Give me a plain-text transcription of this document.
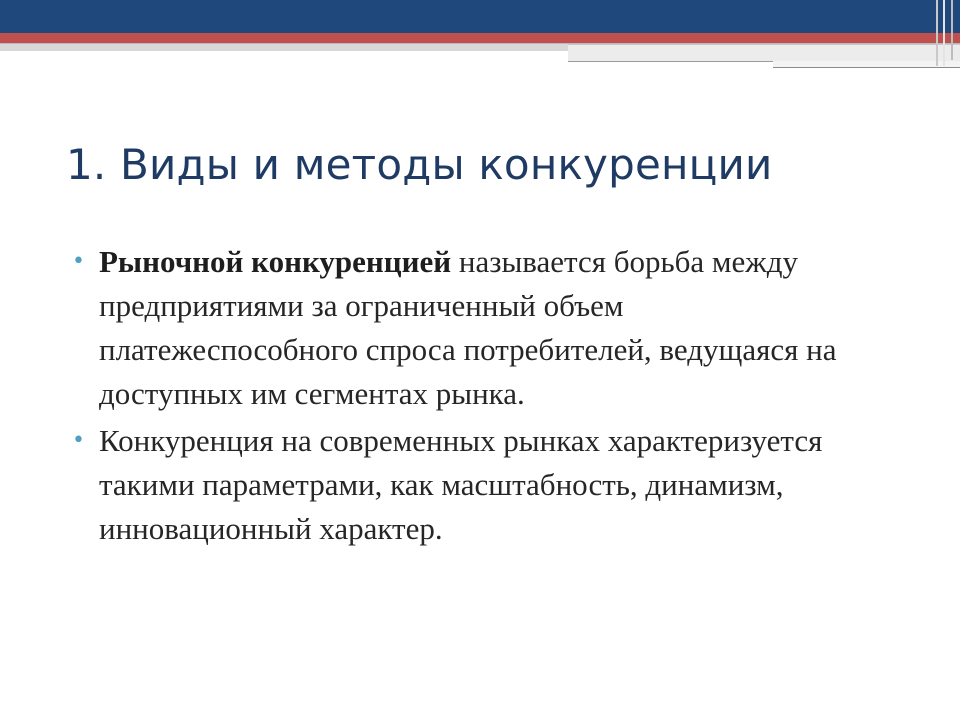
1. Виды и методы конкуренции
• Рыночной конкуренцией называется борьба между предприятиями за ограниченный объем платежеспособного спроса потребителей, ведущаяся на доступных им сегментах рынка.
• Конкуренция на современных рынках характеризуется такими параметрами, как масштабность, динамизм, инновационный характер.
